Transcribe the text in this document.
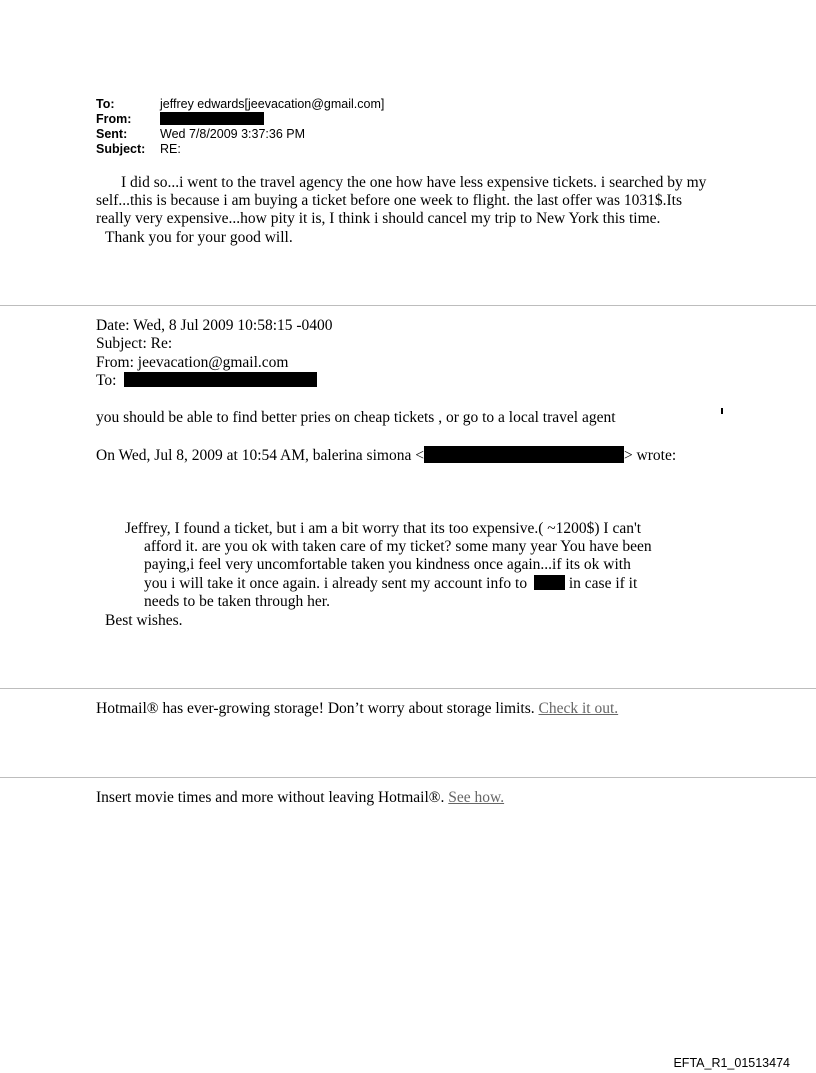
To:	jeffrey edwards[jeevacation@gmail.com]
From:
Sent:	Wed 7/8/2009 3:37:36 PM
Subject: RE:
I did so...i went to the travel agency the one how have less expensive tickets. i searched by my
self...this is because i am buying a ticket before one week to flight. the last offer was 1031$.Its
really very expensive...how pity it is, I think i should cancel my trip to New York this time.
Thank you for your good will.
Date: Wed, 8 Jul 2009 10:58:15 -0400
Subject: Re:
From: jeevacation@gmail.com
To:
you should be able to find better pries on cheap tickets , or go to a local travel agent
On Wed, Jul 8, 2009 at 10:54 AM, balerina simona <	> wrote:
Jeffrey, I found a ticket, but i am a bit worry that its too expensive.( ~1200$) I can't
afford it. are you ok with taken care of my ticket? some many year You have been
paying,i feel very uncomfortable taken you kindness once again...if its ok with
you i will take it once again. i already sent my account info to	in case if it
needs to be taken through her.
Best wishes.
Hotmail® has ever-growing storage! Don’t worry about storage limits. Check it out.
Insert movie times and more without leaving Hotmail®. See how.
EFTA_R1_01513474
